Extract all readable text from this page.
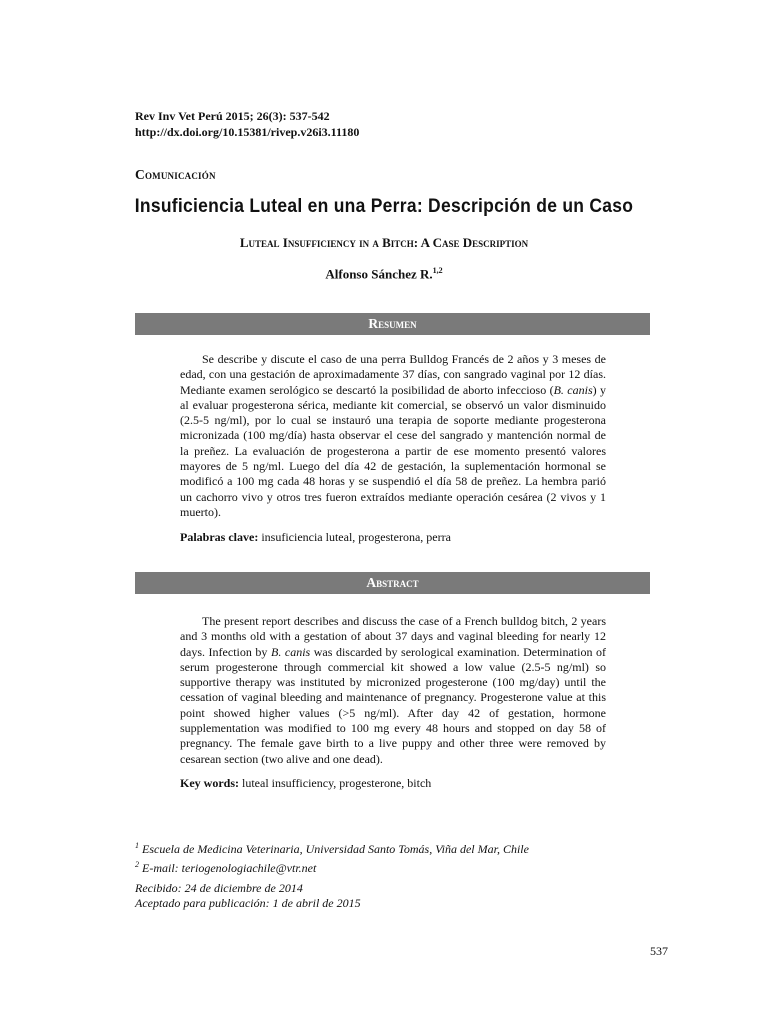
Rev Inv Vet Perú 2015; 26(3): 537-542
http://dx.doi.org/10.15381/rivep.v26i3.11180
Comunicación
Insuficiencia Luteal en una Perra: Descripción de un Caso
Luteal Insufficiency in a Bitch: A Case Description
Alfonso Sánchez R.$^{1,2}$
Resumen
Se describe y discute el caso de una perra Bulldog Francés de 2 años y 3 meses de edad, con una gestación de aproximadamente 37 días, con sangrado vaginal por 12 días. Mediante examen serológico se descartó la posibilidad de aborto infeccioso (B. canis) y al evaluar progesterona sérica, mediante kit comercial, se observó un valor disminuido (2.5-5 ng/ml), por lo cual se instauró una terapia de soporte mediante progesterona micronizada (100 mg/día) hasta observar el cese del sangrado y mantención normal de la preñez. La evaluación de progesterona a partir de ese momento presentó valores mayores de 5 ng/ml. Luego del día 42 de gestación, la suplementación hormonal se modificó a 100 mg cada 48 horas y se suspendió el día 58 de preñez. La hembra parió un cachorro vivo y otros tres fueron extraídos mediante operación cesárea (2 vivos y 1 muerto).
Palabras clave: insuficiencia luteal, progesterona, perra
Abstract
The present report describes and discuss the case of a French bulldog bitch, 2 years and 3 months old with a gestation of about 37 days and vaginal bleeding for nearly 12 days. Infection by B. canis was discarded by serological examination. Determination of serum progesterone through commercial kit showed a low value (2.5-5 ng/ml) so supportive therapy was instituted by micronized progesterone (100 mg/day) until the cessation of vaginal bleeding and maintenance of pregnancy. Progesterone value at this point showed higher values (>5 ng/ml). After day 42 of gestation, hormone supplementation was modified to 100 mg every 48 hours and stopped on day 58 of pregnancy. The female gave birth to a live puppy and other three were removed by cesarean section (two alive and one dead).
Key words: luteal insufficiency, progesterone, bitch
$^1$ Escuela de Medicina Veterinaria, Universidad Santo Tomás, Viña del Mar, Chile
$^2$ E-mail: teriogenologiachile@vtr.net
Recibido: 24 de diciembre de 2014
Aceptado para publicación: 1 de abril de 2015
537
